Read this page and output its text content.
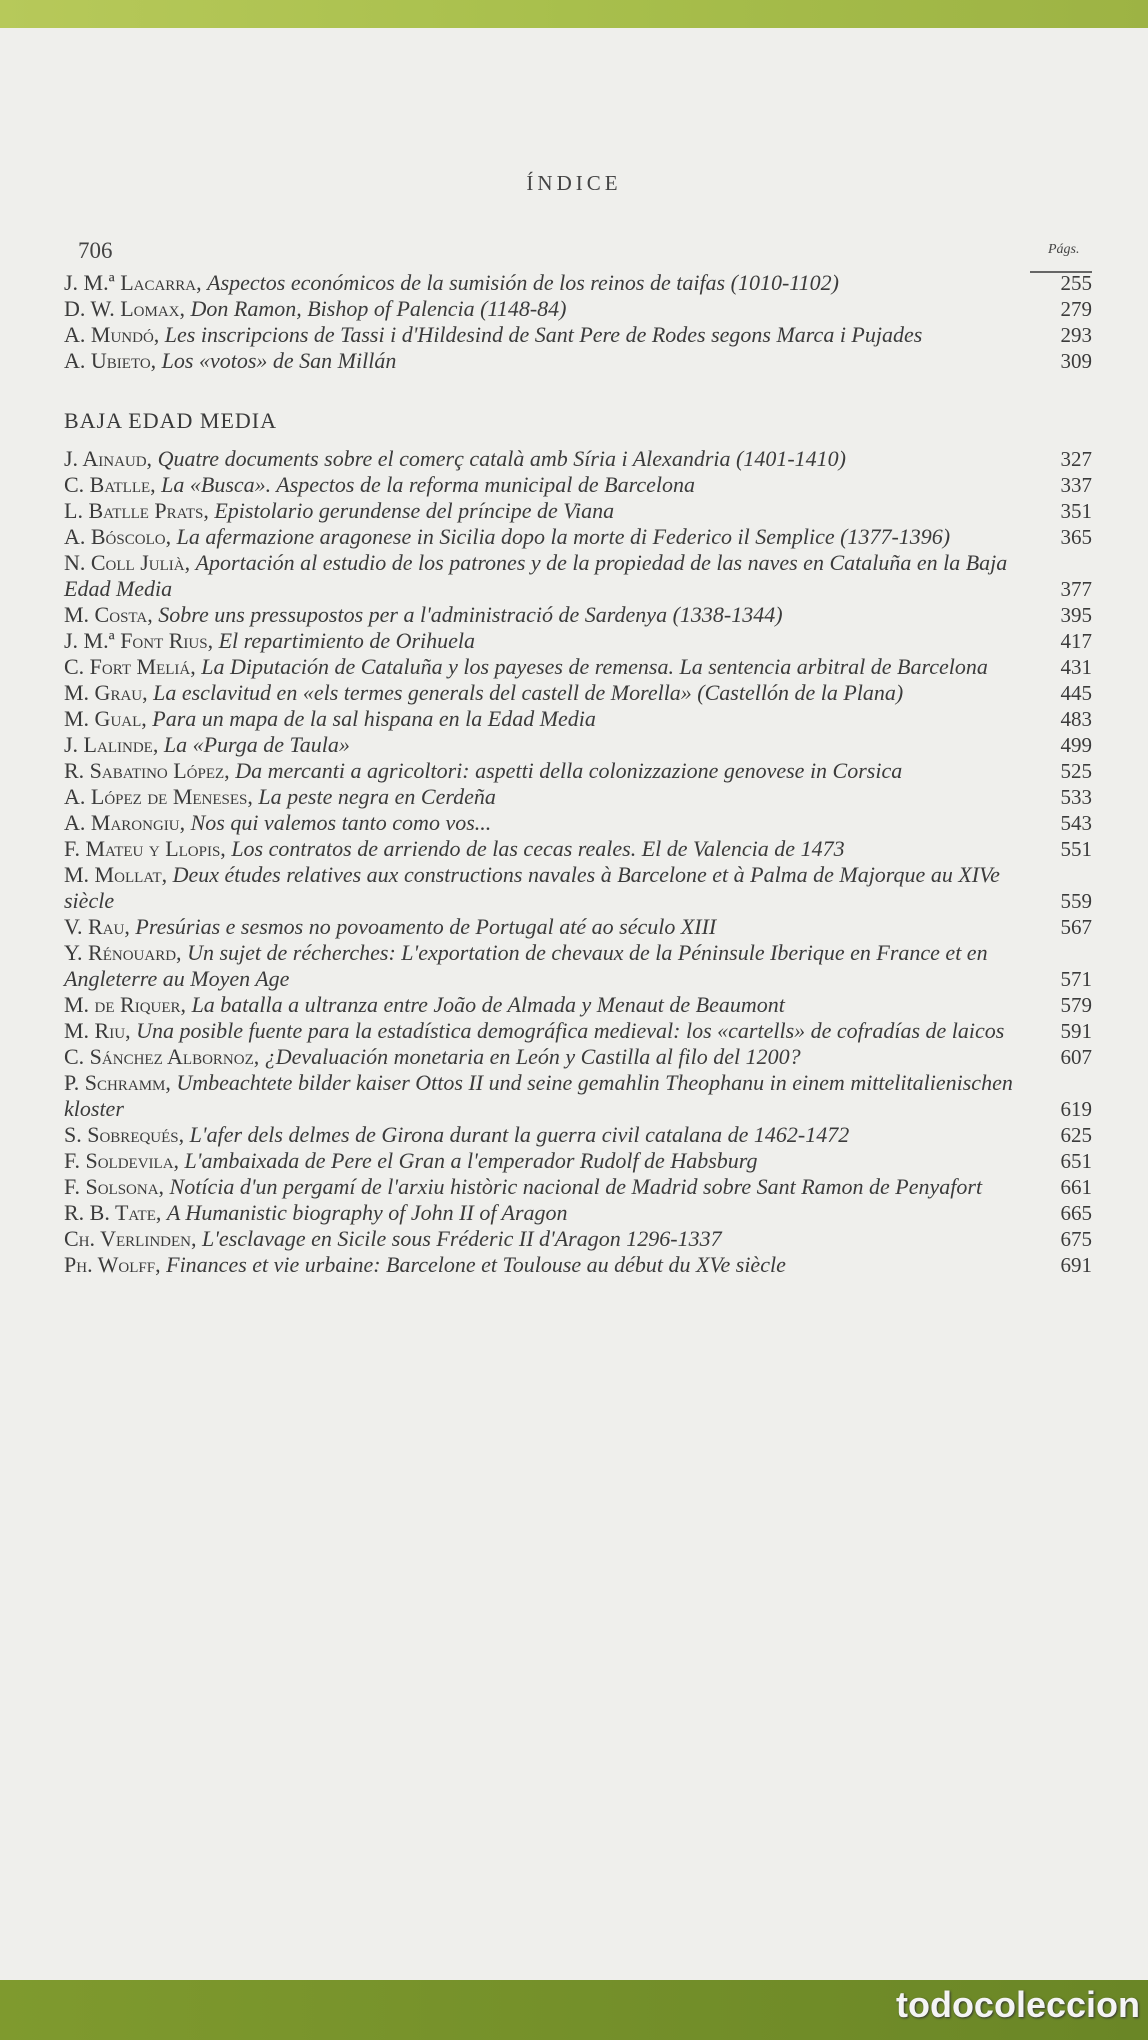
ÍNDICE
706	Págs.
J. M.ª Lacarra, Aspectos económicos de la sumisión de los reinos de taifas (1010-1102)	255
D. W. Lomax, Don Ramon, Bishop of Palencia (1148-84)	279
A. Mundó, Les inscripcions de Tassi i d'Hildesind de Sant Pere de Rodes segons Marca i Pujades	293
A. Ubieto, Los «votos» de San Millán	309
BAJA EDAD MEDIA
J. Ainaud, Quatre documents sobre el comerç català amb Síria i Alexandria (1401-1410)	327
C. Batlle, La «Busca». Aspectos de la reforma municipal de Barcelona	337
L. Batlle Prats, Epistolario gerundense del príncipe de Viana	351
A. Bóscolo, La afermazione aragonese in Sicilia dopo la morte di Federico il Semplice (1377-1396)	365
N. Coll Julià, Aportación al estudio de los patrones y de la propiedad de las naves en Cataluña en la Baja Edad Media	377
M. Costa, Sobre uns pressupostos per a l'administració de Sardenya (1338-1344)	395
J. M.ª Font Rius, El repartimiento de Orihuela	417
C. Fort Meliá, La Diputación de Cataluña y los payeses de remensa. La sentencia arbitral de Barcelona	431
M. Grau, La esclavitud en «els termes generals del castell de Morella» (Castellón de la Plana)	445
M. Gual, Para un mapa de la sal hispana en la Edad Media	483
J. Lalinde, La «Purga de Taula»	499
R. Sabatino López, Da mercanti a agricoltori: aspetti della colonizzazione genovese in Corsica	525
A. López de Meneses, La peste negra en Cerdeña	533
A. Marongiu, Nos qui valemos tanto como vos...	543
F. Mateu y Llopis, Los contratos de arriendo de las cecas reales. El de Valencia de 1473	551
M. Mollat, Deux études relatives aux constructions navales à Barcelone et à Palma de Majorque au XIVe siècle	559
V. Rau, Presúrias e sesmos no povoamento de Portugal até ao século XIII	567
Y. Rénouard, Un sujet de récherches: L'exportation de chevaux de la Péninsule Iberique en France et en Angleterre au Moyen Age	571
M. de Riquer, La batalla a ultranza entre João de Almada y Menaut de Beaumont	579
M. Riu, Una posible fuente para la estadística demográfica medieval: los «cartells» de cofradías de laicos	591
C. Sánchez Albornoz, ¿Devaluación monetaria en León y Castilla al filo del 1200?	607
P. Schramm, Umbeachtete bilder kaiser Ottos II und seine gemahlin Theophanu in einem mittelitalienischen kloster	619
S. Sobrequés, L'afer dels delmes de Girona durant la guerra civil catalana de 1462-1472	625
F. Soldevila, L'ambaixada de Pere el Gran a l'emperador Rudolf de Habsburg	651
F. Solsona, Notícia d'un pergamí de l'arxiu històric nacional de Madrid sobre Sant Ramon de Penyafort	661
R. B. Tate, A Humanistic biography of John II of Aragon	665
Ch. Verlinden, L'esclavage en Sicile sous Fréderic II d'Aragon 1296-1337	675
Ph. Wolff, Finances et vie urbaine: Barcelone et Toulouse au début du XVe siècle	691
todocoleccion
